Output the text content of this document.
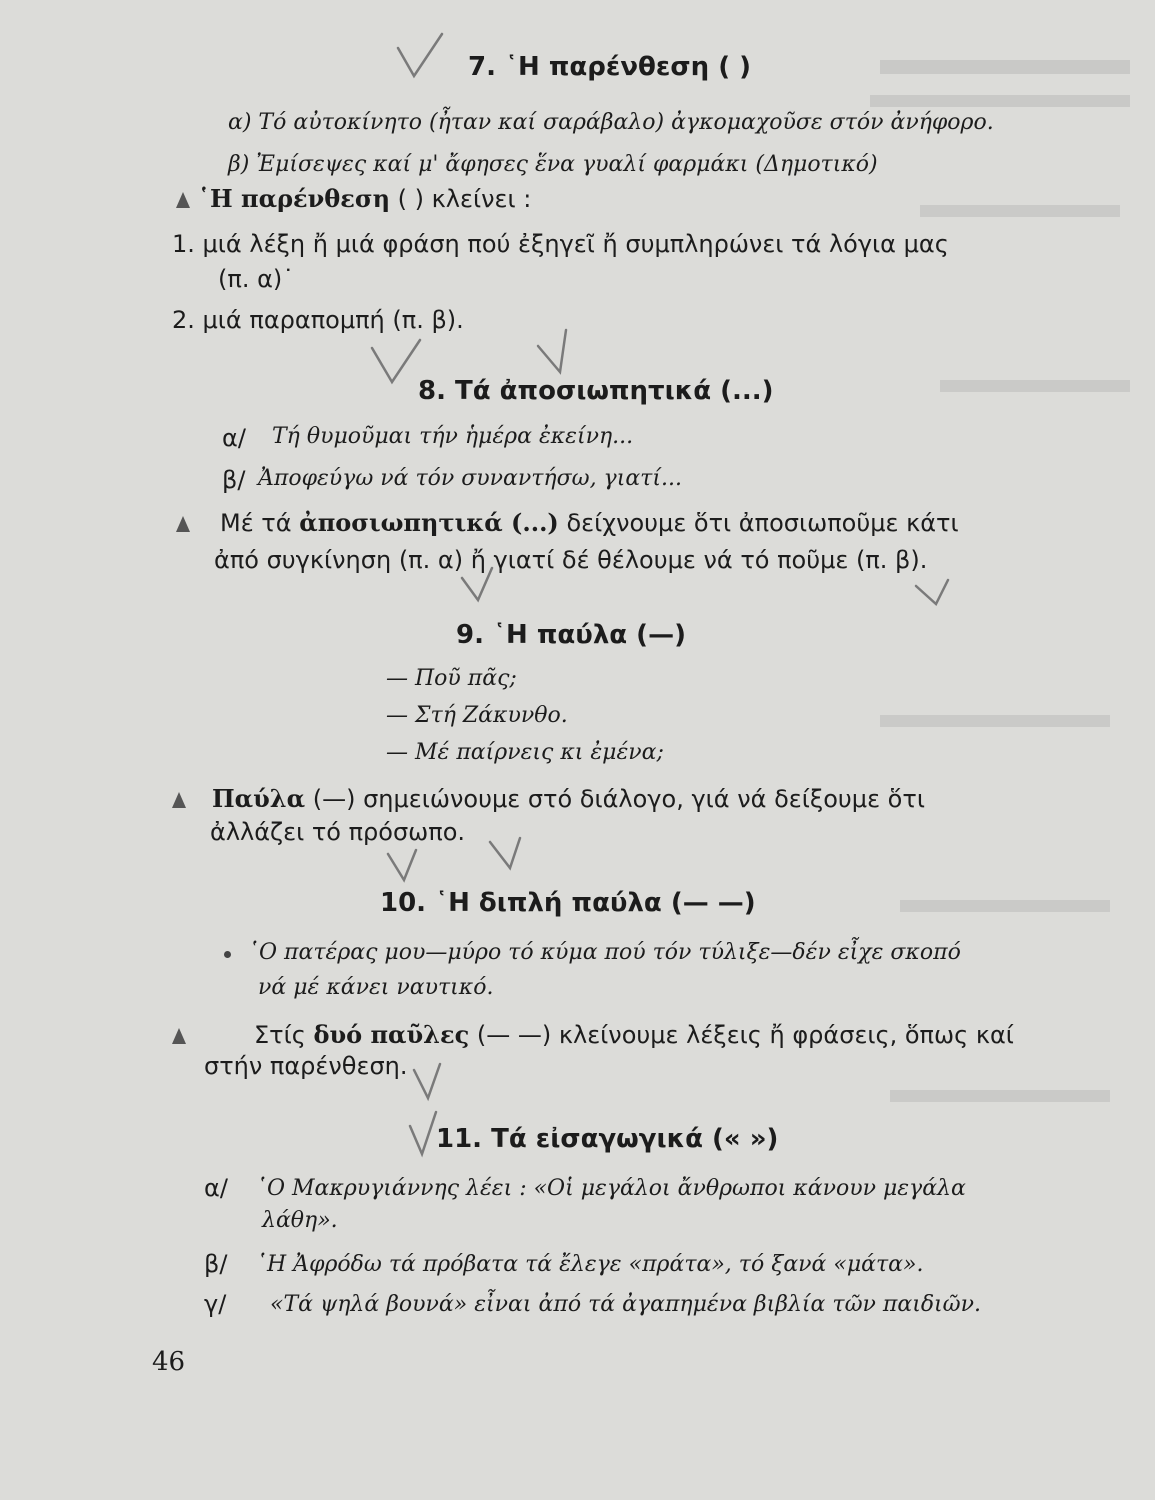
7. ῾Η παρένθεση ( )
α) Τό αὐτοκίνητο (ἦταν καί σαράβαλο) ἀγκομαχοῦσε στόν ἀνήφορο.
β) Ἐμίσεψες καί μ' ἄφησες ἕνα γυαλί φαρμάκι (Δημοτικό)
῾Η παρένθεση ( ) κλείνει :
1. μιά λέξη ἤ μιά φράση πού ἐξηγεῖ ἤ συμπληρώνει τά λόγια μας
(π. α)˙
2. μιά παραπομπή (π. β).
8. Τά ἀποσιωπητικά (...)
α/ Τή θυμοῦμαι τήν ἡμέρα ἐκείνη...
β/ Ἀποφεύγω νά τόν συναντήσω, γιατί...
Μέ τά ἀποσιωπητικά (...) δείχνουμε ὅτι ἀποσιωποῦμε κάτι
ἀπό συγκίνηση (π. α) ἤ γιατί δέ θέλουμε νά τό ποῦμε (π. β).
9. ῾Η παύλα (—)
— Ποῦ πᾶς;
— Στή Ζάκυνθο.
— Μέ παίρνεις κι ἐμένα;
Παύλα (—) σημειώνουμε στό διάλογο, γιά νά δείξουμε ὅτι
ἀλλάζει τό πρόσωπο.
10. ῾Η διπλή παύλα (— —)
῾Ο πατέρας μου—μύρο τό κύμα πού τόν τύλιξε—δέν εἶχε σκοπό
νά μέ κάνει ναυτικό.
Στίς δυό παῦλες (— —) κλείνουμε λέξεις ἤ φράσεις, ὅπως καί
στήν παρένθεση.
11. Τά εἰσαγωγικά (« »)
α/ ῾Ο Μακρυγιάννης λέει : «Οἱ μεγάλοι ἄνθρωποι κάνουν μεγάλα
λάθη».
β/ ῾Η Ἀφρόδω τά πρόβατα τά ἔλεγε «πράτα», τό ξανά «μάτα».
γ/ «Τά ψηλά βουνά» εἶναι ἀπό τά ἀγαπημένα βιβλία τῶν παιδιῶν.
46
